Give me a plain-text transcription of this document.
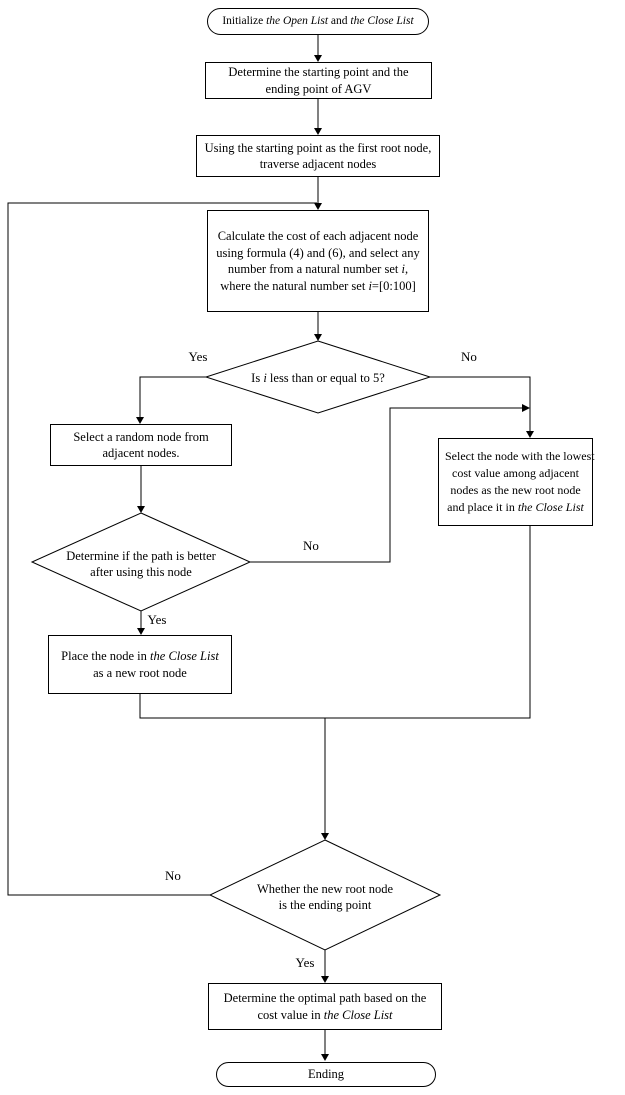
Initialize the Open List and the Close List
Determine the starting point and the ending point of AGV
Using the starting point as the first root node, traverse adjacent nodes
Calculate the cost of each adjacent node using formula (4) and (6), and select any number from a natural number set i, where the natural number set i=[0:100]
Is i less than or equal to 5?
Select a random node from adjacent nodes.	Select the node with the lowest
cost value among adjacent
nodes as the new root node
and place it in the Close List
Determine if the path is better
after using this node
Place the node in the Close List as a new root node
Whether the new root node
is the ending point
Determine the optimal path based on the cost value in the Close List
Ending
Yes	No
No
Yes
No
Yes
